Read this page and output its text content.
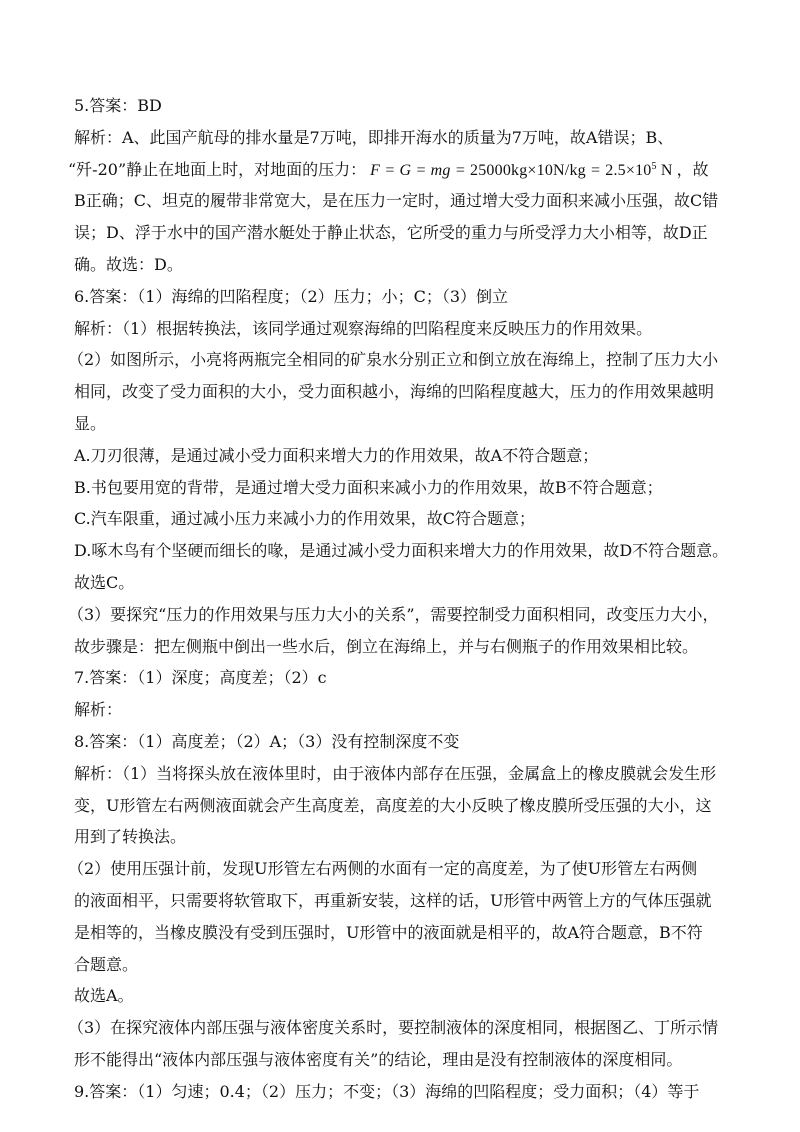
5.答案：BD
解析：A、此国产航母的排水量是7万吨，即排开海水的质量为7万吨，故A错误；B、
“歼-20”静止在地面上时，对地面的压力： F = G = mg = $25000kg\times 10N/kg = 2.5\times 10^5$ N ，故
B正确；C、坦克的履带非常宽大，是在压力一定时，通过增大受力面积来减小压强，故C错
误；D、浮于水中的国产潜水艇处于静止状态，它所受的重力与所受浮力大小相等，故D正
确。故选：D。
6.答案：（1）海绵的凹陷程度；（2）压力；小；C；（3）倒立
解析：（1）根据转换法，该同学通过观察海绵的凹陷程度来反映压力的作用效果。
（2）如图所示，小亮将两瓶完全相同的矿泉水分别正立和倒立放在海绵上，控制了压力大小
相同，改变了受力面积的大小，受力面积越小，海绵的凹陷程度越大，压力的作用效果越明
显。
A.刀刃很薄，是通过减小受力面积来增大力的作用效果，故A不符合题意；
B.书包要用宽的背带，是通过增大受力面积来减小力的作用效果，故B不符合题意；
C.汽车限重，通过减小压力来减小力的作用效果，故C符合题意；
D.啄木鸟有个坚硬而细长的喙，是通过减小受力面积来增大力的作用效果，故D不符合题意。
故选C。
（3）要探究“压力的作用效果与压力大小的关系”，需要控制受力面积相同，改变压力大小，
故步骤是：把左侧瓶中倒出一些水后，倒立在海绵上，并与右侧瓶子的作用效果相比较。
7.答案：（1）深度；高度差；（2）c
解析：
8.答案：（1）高度差；（2）A；（3）没有控制深度不变
解析：（1）当将探头放在液体里时，由于液体内部存在压强，金属盒上的橡皮膜就会发生形
变，U形管左右两侧液面就会产生高度差，高度差的大小反映了橡皮膜所受压强的大小，这
用到了转换法。
（2）使用压强计前，发现U形管左右两侧的水面有一定的高度差，为了使U形管左右两侧
的液面相平，只需要将软管取下，再重新安装，这样的话，U形管中两管上方的气体压强就
是相等的，当橡皮膜没有受到压强时，U形管中的液面就是相平的，故A符合题意，B不符
合题意。
故选A。
（3）在探究液体内部压强与液体密度关系时，要控制液体的深度相同，根据图乙、丁所示情
形不能得出“液体内部压强与液体密度有关”的结论，理由是没有控制液体的深度相同。
9.答案：（1）匀速；0.4；（2）压力；不变；（3）海绵的凹陷程度；受力面积；（4）等于
